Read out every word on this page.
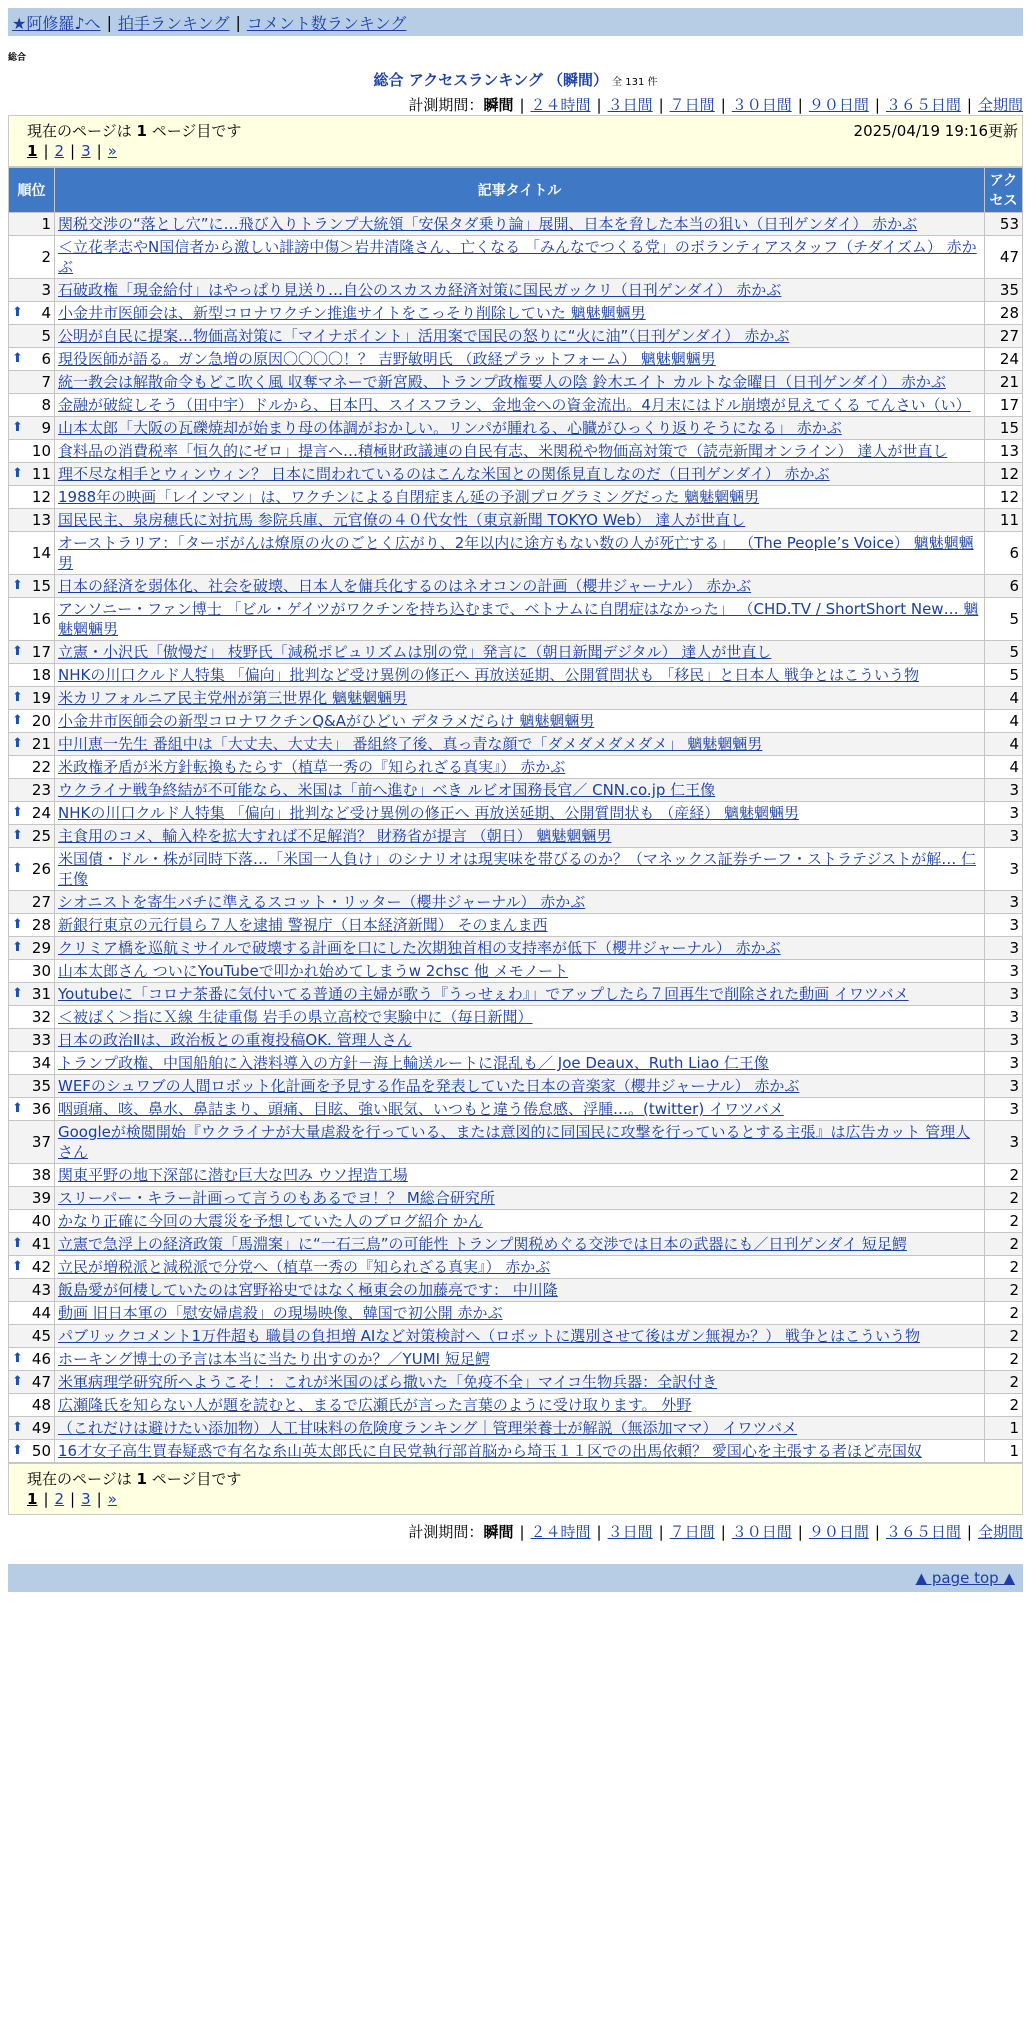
★阿修羅♪へ | 拍手ランキング | コメント数ランキング
総合
総合 アクセスランキング （瞬間） 全 131 件
計測期間：瞬間 | ２４時間 | ３日間 | ７日間 | ３０日間 | ９０日間 | ３６５日間 | 全期間
現在のページは 1 ページ目です	2025/04/19 19:16更新
1 | 2 | 3 | »
順位	記事タイトル	アクセス
1	関税交渉の“落とし穴”に…飛び入りトランプ大統領「安保タダ乗り論」展開、日本を脅した本当の狙い（日刊ゲンダイ） 赤かぶ	53
2	＜立花孝志やN国信者から激しい誹謗中傷＞岩井清隆さん、亡くなる 「みんなでつくる党」のボランティアスタッフ（チダイズム） 赤かぶ	47
3	石破政権「現金給付」はやっぱり見送り…自公のスカスカ経済対策に国民ガックリ（日刊ゲンダイ） 赤かぶ	35

⬆ 4	小金井市医師会は、新型コロナワクチン推進サイトをこっそり削除していた 魑魅魍魎男	28
5	公明が自民に提案…物価高対策に「マイナポイント」活用案で国民の怒りに“火に油”（日刊ゲンダイ） 赤かぶ	27

⬆ 6	現役医師が語る。ガン急増の原因〇〇〇〇！？ 吉野敏明氏 （政経プラットフォーム） 魑魅魍魎男	24
7	統一教会は解散命令もどこ吹く風 収奪マネーで新宮殿、トランプ政権要人の陰 鈴木エイト カルトな金曜日（日刊ゲンダイ） 赤かぶ	21
8	金融が破綻しそう（田中宇）ドルから、日本円、スイスフラン、金地金への資金流出。4月末にはドル崩壊が見えてくる てんさい（い）	17

⬆ 9	山本太郎「大阪の瓦礫焼却が始まり母の体調がおかしい。リンパが腫れる、心臓がひっくり返りそうになる」 赤かぶ	15
10	食料品の消費税率「恒久的にゼロ」提言へ…積極財政議連の自民有志、米関税や物価高対策で（読売新聞オンライン） 達人が世直し	13

⬆ 11	理不尽な相手とウィンウィン？ 日本に問われているのはこんな米国との関係見直しなのだ（日刊ゲンダイ） 赤かぶ	12
12	1988年の映画「レインマン」は、ワクチンによる自閉症まん延の予測プログラミングだった 魑魅魍魎男	12
13	国民民主、泉房穂氏に対抗馬 参院兵庫、元官僚の４０代女性（東京新聞 TOKYO Web） 達人が世直し	11
14	オーストラリア：「ターボがんは燎原の火のごとく広がり、2年以内に途方もない数の人が死亡する」 （The People’s Voice） 魑魅魍魎男	6

⬆ 15	日本の経済を弱体化、社会を破壊、日本人を傭兵化するのはネオコンの計画（櫻井ジャーナル） 赤かぶ	6
16	アンソニー・ファン博士 「ビル・ゲイツがワクチンを持ち込むまで、ベトナムに自閉症はなかった」 （CHD.TV / ShortShort New… 魑魅魍魎男	5

⬆ 17	立憲・小沢氏「傲慢だ」 枝野氏「減税ポピュリズムは別の党」発言に（朝日新聞デジタル） 達人が世直し	5
18	NHKの川口クルド人特集 「偏向」批判など受け異例の修正へ 再放送延期、公開質問状も 「移民」と日本人 戦争とはこういう物	5

⬆ 19	米カリフォルニア民主党州が第三世界化 魑魅魍魎男	4

⬆ 20	小金井市医師会の新型コロナワクチンQ&Aがひどい デタラメだらけ 魑魅魍魎男	4

⬆ 21	中川恵一先生 番組中は「大丈夫、大丈夫」 番組終了後、真っ青な顔で「ダメダメダメダメ」 魑魅魍魎男	4
22	米政権矛盾が米方針転換もたらす（植草一秀の『知られざる真実』） 赤かぶ	4
23	ウクライナ戦争終結が不可能なら、米国は「前へ進む」べき ルビオ国務長官／ CNN.co.jp 仁王像	3

⬆ 24	NHKの川口クルド人特集 「偏向」批判など受け異例の修正へ 再放送延期、公開質問状も （産経） 魑魅魍魎男	3

⬆ 25	主食用のコメ、輸入枠を拡大すれば不足解消？ 財務省が提言 （朝日） 魑魅魍魎男	3

⬆ 26	米国債・ドル・株が同時下落…「米国一人負け」のシナリオは現実味を帯びるのか？（マネックス証券チーフ・ストラテジストが解… 仁王像	3
27	シオニストを寄生バチに準えるスコット・リッター（櫻井ジャーナル） 赤かぶ	3

⬆ 28	新銀行東京の元行員ら７人を逮捕 警視庁（日本経済新聞） そのまんま西	3

⬆ 29	クリミア橋を巡航ミサイルで破壊する計画を口にした次期独首相の支持率が低下（櫻井ジャーナル） 赤かぶ	3
30	山本太郎さん ついにYouTubeで叩かれ始めてしまうw 2chsc 他 メモノート	3

⬆ 31	Youtubeに「コロナ茶番に気付いてる普通の主婦が歌う『うっせぇわ』」でアップしたら７回再生で削除された動画 イワツバメ	3
32	＜被ばく＞指にＸ線 生徒重傷 岩手の県立高校で実験中に（毎日新聞）	3
33	日本の政治Ⅱは、政治板との重複投稿OK. 管理人さん	3
34	トランプ政権、中国船舶に入港料導入の方針－海上輸送ルートに混乱も／ Joe Deaux、Ruth Liao 仁王像	3
35	WEFのシュワブの人間ロボット化計画を予見する作品を発表していた日本の音楽家（櫻井ジャーナル） 赤かぶ	3

⬆ 36	咽頭痛、咳、鼻水、鼻詰まり、頭痛、目眩、強い眠気、いつもと違う倦怠感、浮腫…。(twitter) イワツバメ	3
37	Googleが検閲開始『ウクライナが大量虐殺を行っている、または意図的に同国民に攻撃を行っているとする主張』は広告カット 管理人さん	3
38	関東平野の地下深部に潜む巨大な凹み ウソ捏造工場	2
39	スリーパー・キラー計画って言うのもあるでヨ！？ M総合研究所	2
40	かなり正確に今回の大震災を予想していた人のブログ紹介 かん	2

⬆ 41	立憲で急浮上の経済政策「馬淵案」に“一石三鳥”の可能性 トランプ関税めぐる交渉では日本の武器にも／日刊ゲンダイ 短足鰐	2

⬆ 42	立民が増税派と減税派で分党へ（植草一秀の『知られざる真実』） 赤かぶ	2
43	飯島愛が何棲していたのは宮野裕史ではなく極東会の加藤亮です： 中川隆	2
44	動画 旧日本軍の「慰安婦虐殺」の現場映像、韓国で初公開 赤かぶ	2
45	パブリックコメント1万件超も 職員の負担増 AIなど対策検討へ（ロボットに選別させて後はガン無視か？） 戦争とはこういう物	2

⬆ 46	ホーキング博士の予言は本当に当たり出すのか？／YUMI 短足鰐	2

⬆ 47	米軍病理学研究所へようこそ！：これが米国のばら撒いた「免疫不全」マイコ生物兵器：全訳付き	2
48	広瀬隆氏を知らない人が題を読むと、まるで広瀬氏が言った言葉のように受け取ります。 外野	2

⬆ 49	（これだけは避けたい添加物）人工甘味料の危険度ランキング｜管理栄養士が解説（無添加ママ） イワツバメ	1

⬆ 50	16才女子高生買春疑惑で有名な糸山英太郎氏に自民党執行部首脳から埼玉１１区での出馬依頼？ 愛国心を主張する者ほど売国奴	1
現在のページは 1 ページ目です
1 | 2 | 3 | »
計測期間：瞬間 | ２４時間 | ３日間 | ７日間 | ３０日間 | ９０日間 | ３６５日間 | 全期間
▲ page top ▲
